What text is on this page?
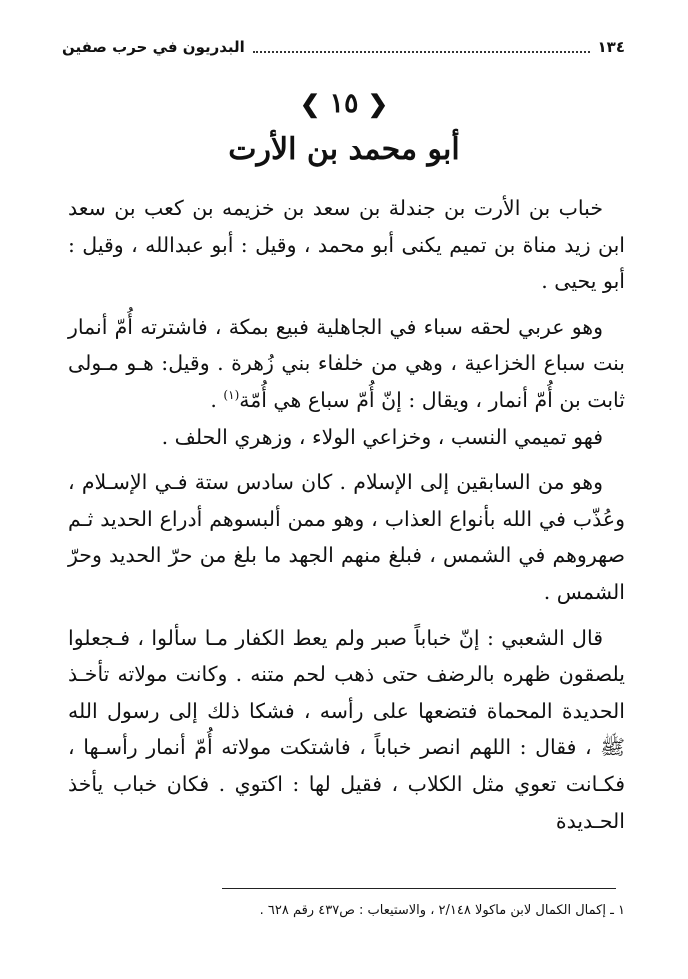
١٣٤
البدريون في حرب صفين
❮ ١٥ ❯
أبو محمد بن الأرت

خباب بن الأرت بن جندلة بن سعد بن خزيمه بن كعب بن سعد ابن زيد مناة بن تميم يكنى أبو محمد ، وقيل : أبو عبدالله ، وقيل : أبو يحيى .

وهو عربي لحقه سباء في الجاهلية فبيع بمكة ، فاشترته أُمّ أنمار بنت سباع الخزاعية ، وهي من خلفاء بني زُهرة . وقيل: هـو مـولى ثابت بن أُمّ أنمار ، ويقال : إنّ أُمّ سباع هي أُمّة$^{(١)}$ .

فهو تميمي النسب ، وخزاعي الولاء ، وزهري الحلف .

وهو من السابقين إلى الإسلام . كان سادس ستة فـي الإسـلام ، وعُذّب في الله بأنواع العذاب ، وهو ممن ألبسوهم أدراع الحديد ثـم صهروهم في الشمس ، فبلغ منهم الجهد ما بلغ من حرّ الحديد وحرّ الشمس .

قال الشعبي : إنّ خباباً صبر ولم يعط الكفار مـا سألوا ، فـجعلوا يلصقون ظهره بالرضف حتى ذهب لحم متنه . وكانت مولاته تأخـذ الحديدة المحماة فتضعها على رأسه ، فشكا ذلك إلى رسول الله ﷺ ، فقال : اللهم انصر خباباً ، فاشتكت مولاته أُمّ أنمار رأسـها ، فكـانت تعوي مثل الكلاب ، فقيل لها : اكتوي . فكان خباب يأخذ الحـديدة

١ ـ إكمال الكمال لابن ماكولا ٢/١٤٨ ، والاستيعاب : ص٤٣٧ رقم ٦٢٨ .
